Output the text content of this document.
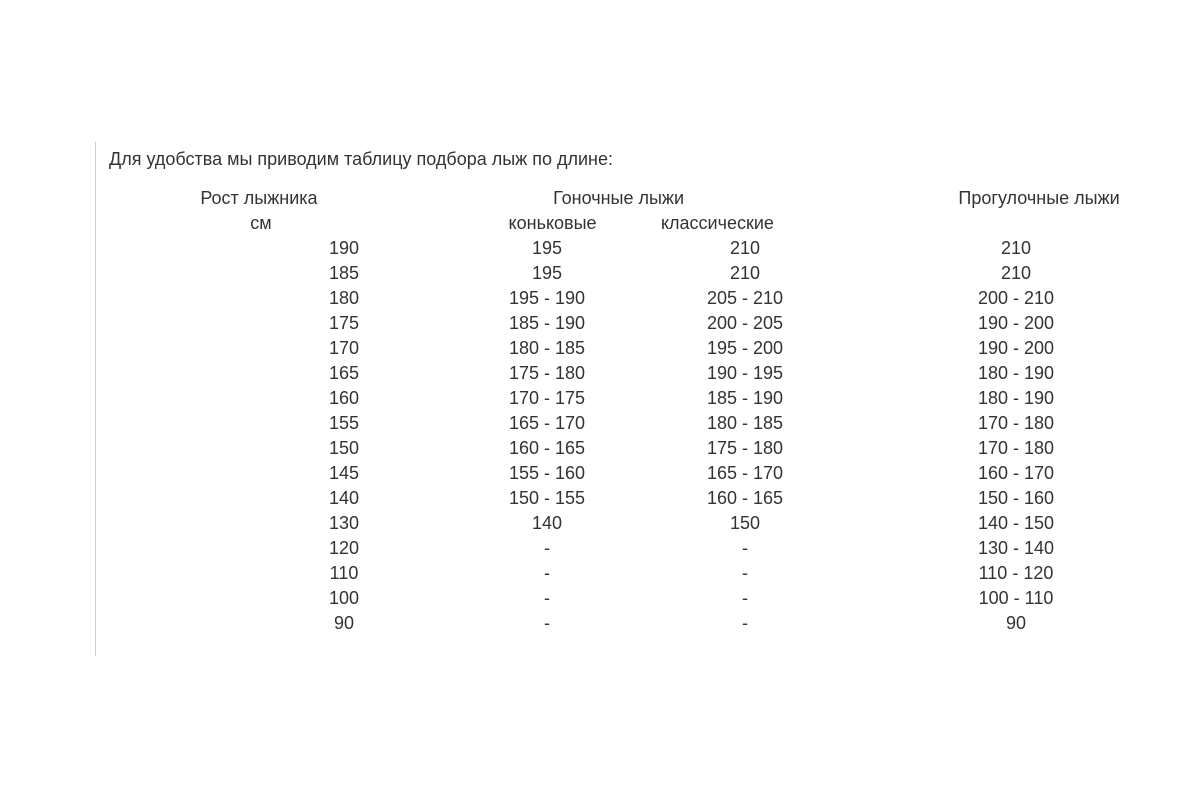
Для удобства мы приводим таблицу подбора лыж по длине:
Рост лыжника	Гоночные лыжи		Прогулочные лыжи
см	коньковые	классические	

190	195	210	210

185	195	210	210

180	195 - 190	205 - 210	200 - 210

175	185 - 190	200 - 205	190 - 200

170	180 - 185	195 - 200	190 - 200

165	175 - 180	190 - 195	180 - 190

160	170 - 175	185 - 190	180 - 190

155	165 - 170	180 - 185	170 - 180

150	160 - 165	175 - 180	170 - 180

145	155 - 160	165 - 170	160 - 170

140	150 - 155	160 - 165	150 - 160

130	140	150	140 - 150

120	-	-	130 - 140

110	-	-	110 - 120

100	-	-	100 - 110

90	-	-	90
